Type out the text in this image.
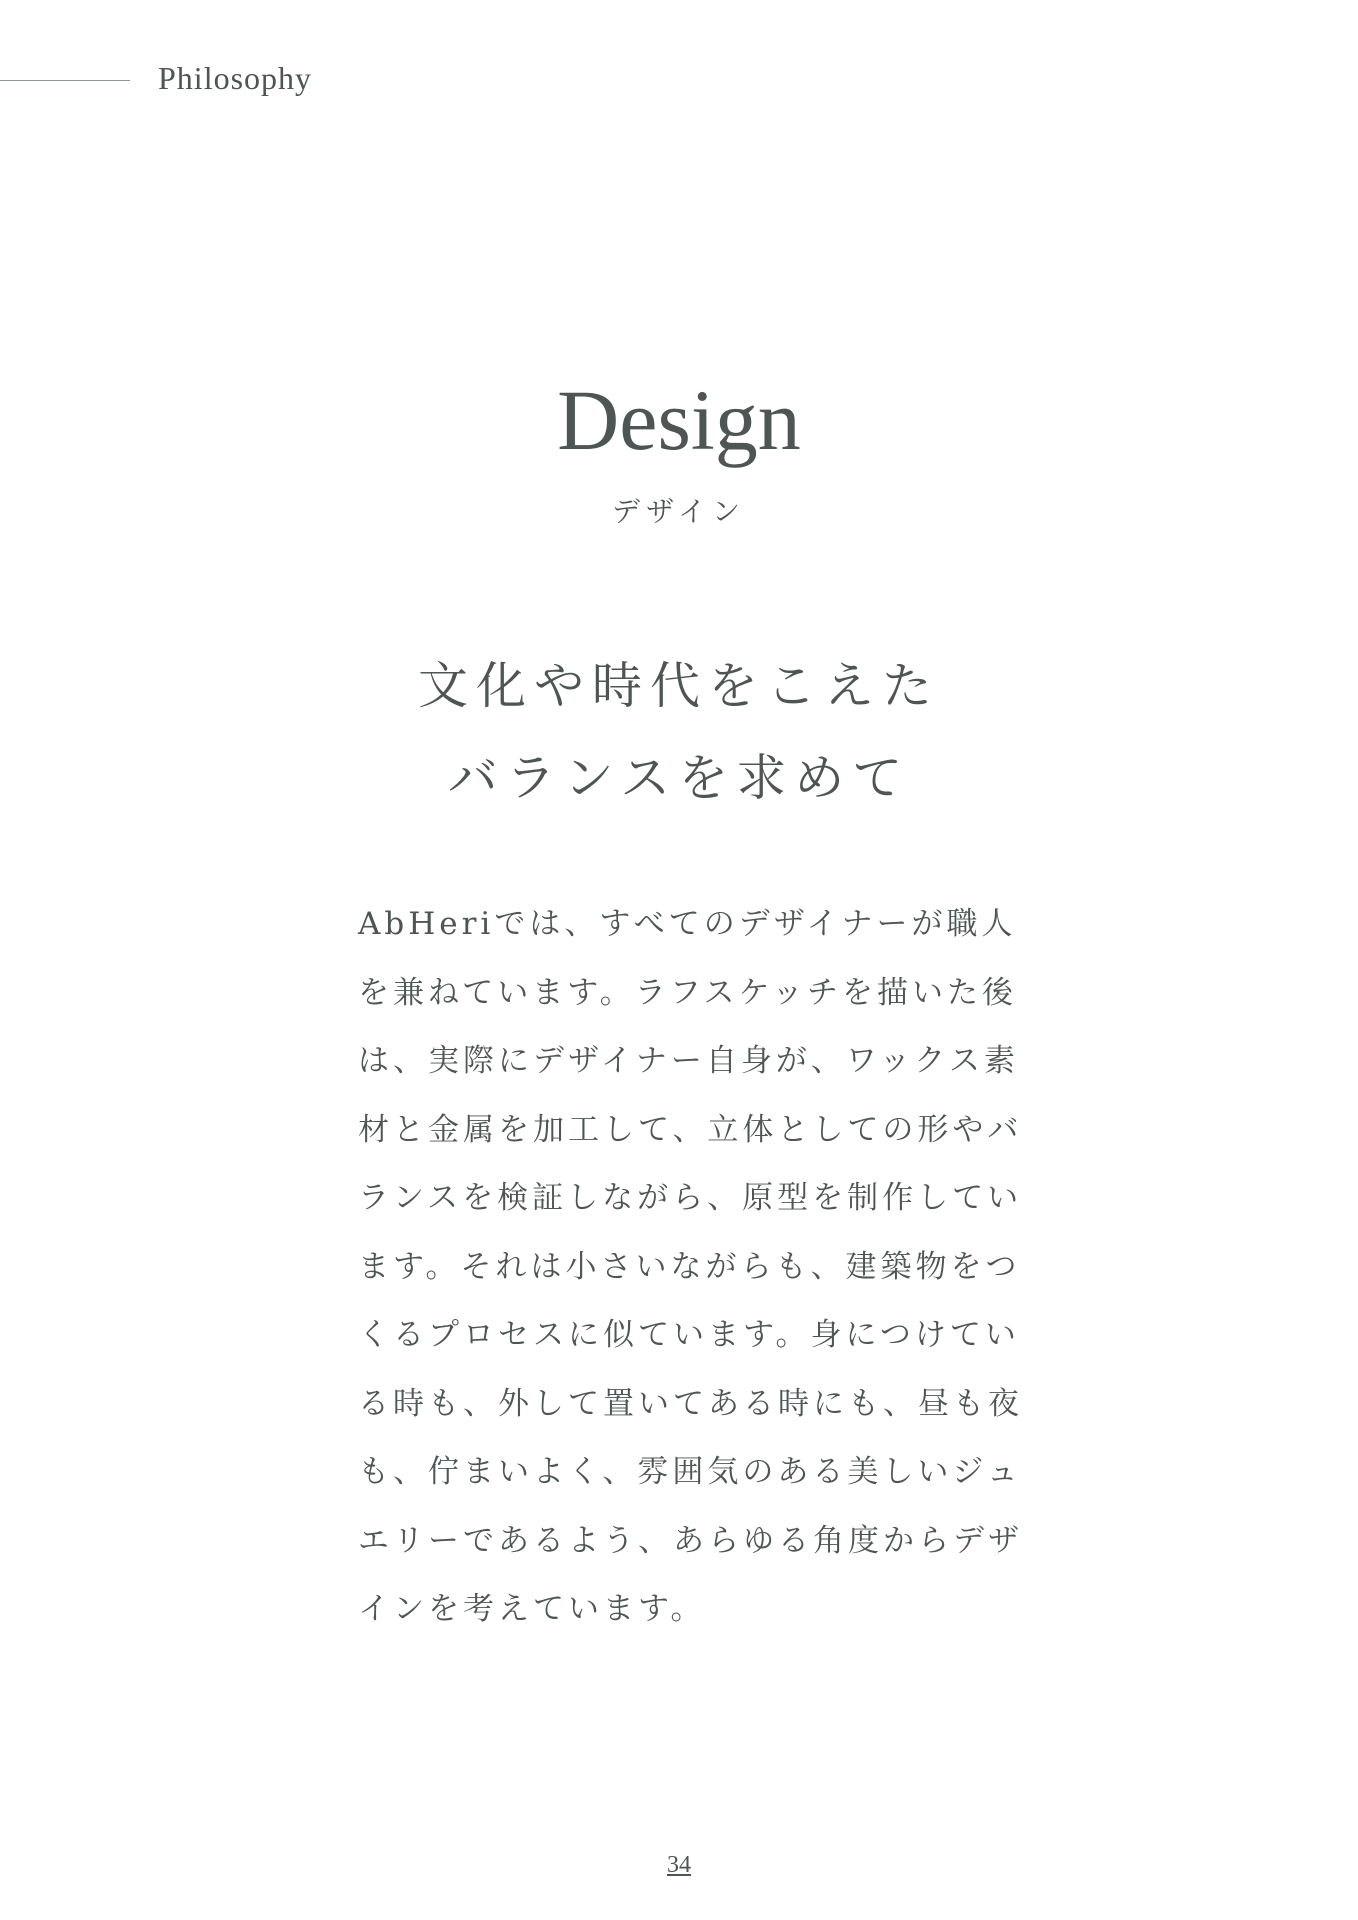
Philosophy
Design
デザイン
文化や時代をこえた
バランスを求めて
AbHeriでは、すべてのデザイナーが職人
を兼ねています。ラフスケッチを描いた後
は、実際にデザイナー自身が、ワックス素
材と金属を加工して、立体としての形やバ
ランスを検証しながら、原型を制作してい
ます。それは小さいながらも、建築物をつ
くるプロセスに似ています。身につけてい
る時も、外して置いてある時にも、昼も夜
も、佇まいよく、雰囲気のある美しいジュ
エリーであるよう、あらゆる角度からデザ
インを考えています。
34
